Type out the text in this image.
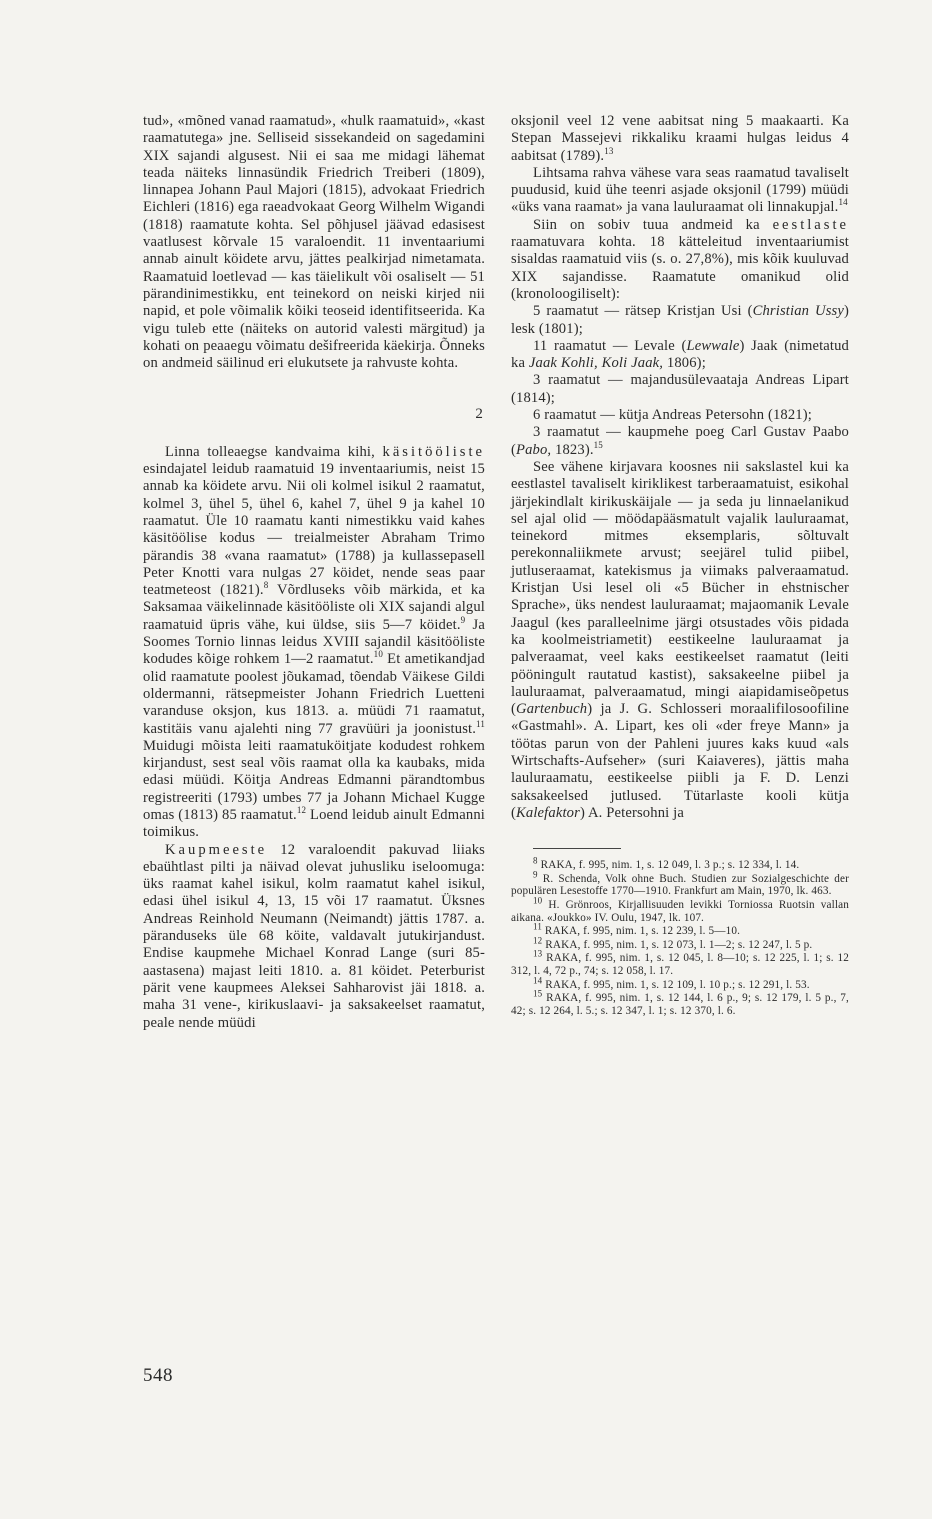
tud», «mõned vanad raamatud», «hulk raamatuid», «kast raamatutega» jne. Selliseid sissekandeid on sagedamini XIX sajandi algusest. Nii ei saa me midagi lähemat teada näiteks linnasündik Friedrich Treiberi (1809), linnapea Johann Paul Majori (1815), advokaat Friedrich Eichleri (1816) ega raeadvokaat Georg Wilhelm Wigandi (1818) raamatute kohta. Sel põhjusel jäävad edasisest vaatlusest kõrvale 15 varaloendit. 11 inventaariumi annab ainult köidete arvu, jättes pealkirjad nimetamata. Raamatuid loetlevad — kas täielikult või osaliselt — 51 pärandinimestikku, ent teinekord on neiski kirjed nii napid, et pole võimalik kõiki teoseid identifitseerida. Ka vigu tuleb ette (näiteks on autorid valesti märgitud) ja kohati on peaaegu võimatu dešifreerida käekirja. Õnneks on andmeid säilinud eri elukutsete ja rahvuste kohta.

2

Linna tolleaegse kandvaima kihi, käsitööliste esindajatel leidub raamatuid 19 inventaariumis, neist 15 annab ka köidete arvu. Nii oli kolmel isikul 2 raamatut, kolmel 3, ühel 5, ühel 6, kahel 7, ühel 9 ja kahel 10 raamatut. Üle 10 raamatu kanti nimestikku vaid kahes käsitöölise kodus — treialmeister Abraham Trimo pärandis 38 «vana raamatut» (1788) ja kullassepasell Peter Knotti vara nulgas 27 köidet, nende seas paar teatmeteost (1821).$^8$ Võrdluseks võib märkida, et ka Saksamaa väikelinnade käsitööliste oli XIX sajandi algul raamatuid üpris vähe, kui üldse, siis 5—7 köidet.$^9$ Ja Soomes Tornio linnas leidus XVIII sajandil käsitööliste kodudes kõige rohkem 1—2 raamatut.$^{10}$ Et ametikandjad olid raamatute poolest jõukamad, tõendab Väikese Gildi oldermanni, rätsepmeister Johann Friedrich Luetteni varanduse oksjon, kus 1813. a. müüdi 71 raamatut, kastitäis vanu ajalehti ning 77 gravüüri ja joonistust.$^{11}$ Muidugi mõista leiti raamatuköitjate kodudest rohkem kirjandust, sest seal võis raamat olla ka kaubaks, mida edasi müüdi. Köitja Andreas Edmanni pärandtombus registreeriti (1793) umbes 77 ja Johann Michael Kugge omas (1813) 85 raamatut.$^{12}$ Loend leidub ainult Edmanni toimikus.

Kaupmeeste 12 varaloendit pakuvad liiaks ebaühtlast pilti ja näivad olevat juhusliku iseloomuga: üks raamat kahel isikul, kolm raamatut kahel isikul, edasi ühel isikul 4, 13, 15 või 17 raamatut. Üksnes Andreas Reinhold Neumann (Neimandt) jättis 1787. a. päranduseks üle 68 köite, valdavalt jutukirjandust. Endise kaupmehe Michael Konrad Lange (suri 85-aastasena) majast leiti 1810. a. 81 köidet. Peterburist pärit vene kaupmees Aleksei Sahharovist jäi 1818. a. maha 31 vene-, kirikuslaavi- ja saksakeelset raamatut, peale nende müüdi

oksjonil veel 12 vene aabitsat ning 5 maakaarti. Ka Stepan Massejevi rikkaliku kraami hulgas leidus 4 aabitsat (1789).$^{13}$

Lihtsama rahva vähese vara seas raamatud tavaliselt puudusid, kuid ühe teenri asjade oksjonil (1799) müüdi «üks vana raamat» ja vana lauluraamat oli linnakupjal.$^{14}$

Siin on sobiv tuua andmeid ka eestlaste raamatuvara kohta. 18 kätteleitud inventaariumist sisaldas raamatuid viis (s. o. 27,8%), mis kõik kuuluvad XIX sajandisse. Raamatute omanikud olid (kronoloogiliselt):

5 raamatut — rätsep Kristjan Usi (Christian Ussy) lesk (1801);

11 raamatut — Levale (Lewwale) Jaak (nimetatud ka Jaak Kohli, Koli Jaak, 1806);

3 raamatut — majandusülevaataja Andreas Lipart (1814);

6 raamatut — kütja Andreas Petersohn (1821);

3 raamatut — kaupmehe poeg Carl Gustav Paabo (Pabo, 1823).$^{15}$

See vähene kirjavara koosnes nii sakslastel kui ka eestlastel tavaliselt kiriklikest tarberaamatuist, esikohal järjekindlalt kirikuskäijale — ja seda ju linnaelanikud sel ajal olid — möödapääsmatult vajalik lauluraamat, teinekord mitmes eksemplaris, sõltuvalt perekonnaliikmete arvust; seejärel tulid piibel, jutluseraamat, katekismus ja viimaks palveraamatud. Kristjan Usi lesel oli «5 Bücher in ehstnischer Sprache», üks nendest lauluraamat; majaomanik Levale Jaagul (kes paralleelnime järgi otsustades võis pidada ka koolmeistriametit) eestikeelne lauluraamat ja palveraamat, veel kaks eestikeelset raamatut (leiti pööningult rautatud kastist), saksakeelne piibel ja lauluraamat, palveraamatud, mingi aiapidamiseõpetus (Gartenbuch) ja J. G. Schlosseri moraalifilosoofiline «Gastmahl». A. Lipart, kes oli «der freye Mann» ja töötas parun von der Pahleni juures kaks kuud «als Wirtschafts-Aufseher» (suri Kaiaveres), jättis maha lauluraamatu, eestikeelse piibli ja F. D. Lenzi saksakeelsed jutlused. Tütarlaste kooli kütja (Kalefaktor) A. Petersohni ja

$^8$ RAKA, f. 995, nim. 1, s. 12 049, l. 3 p.; s. 12 334, l. 14.

$^9$ R. Schenda, Volk ohne Buch. Studien zur Sozialgeschichte der populären Lesestoffe 1770—1910. Frankfurt am Main, 1970, lk. 463.

$^{10}$ H. Grönroos, Kirjallisuuden levikki Torniossa Ruotsin vallan aikana. «Joukko» IV. Oulu, 1947, lk. 107.

$^{11}$ RAKA, f. 995, nim. 1, s. 12 239, l. 5—10.

$^{12}$ RAKA, f. 995, nim. 1, s. 12 073, l. 1—2; s. 12 247, l. 5 p.

$^{13}$ RAKA, f. 995, nim. 1, s. 12 045, l. 8—10; s. 12 225, l. 1; s. 12 312, l. 4, 72 p., 74; s. 12 058, l. 17.

$^{14}$ RAKA, f. 995, nim. 1, s. 12 109, l. 10 p.; s. 12 291, l. 53.

$^{15}$ RAKA, f. 995, nim. 1, s. 12 144, l. 6 p., 9; s. 12 179, l. 5 p., 7, 42; s. 12 264, l. 5.; s. 12 347, l. 1; s. 12 370, l. 6.

548
